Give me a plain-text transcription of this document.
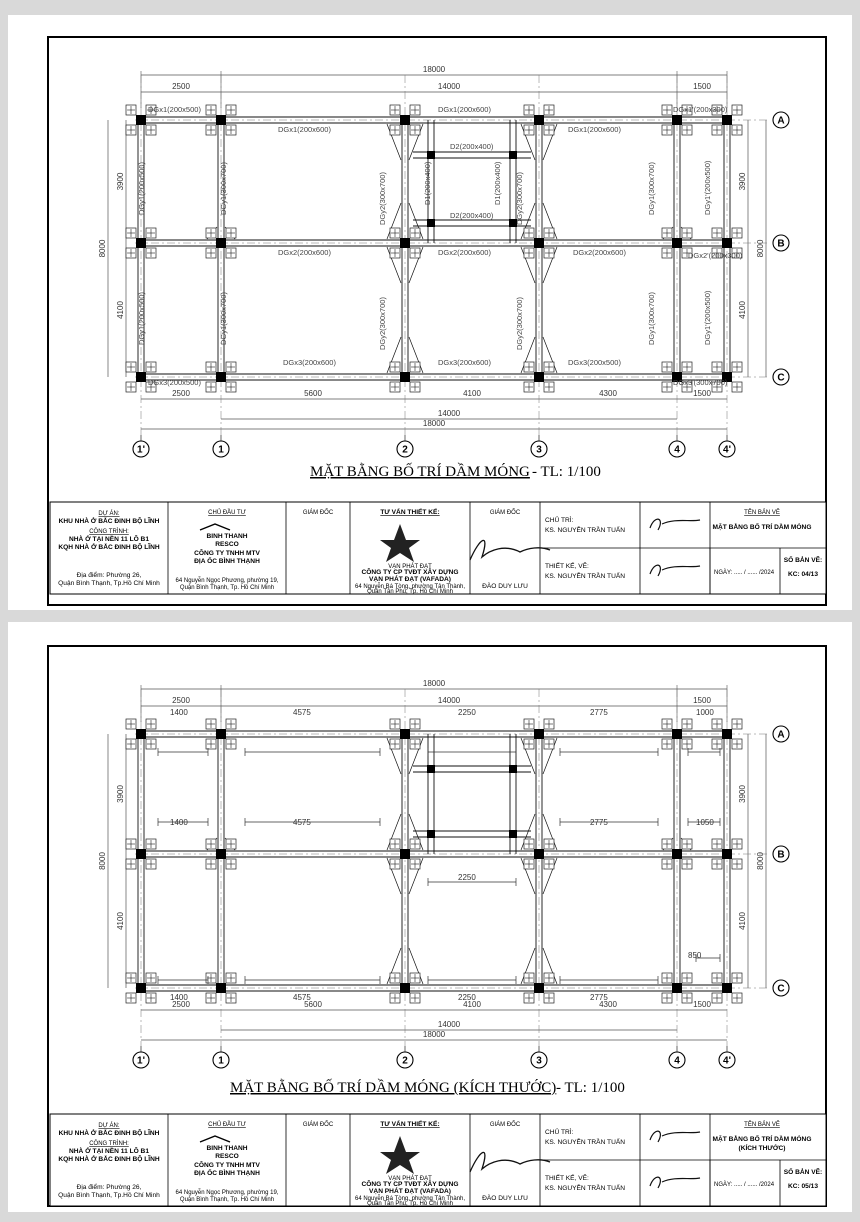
18000
14000
2500	1500
2500	5600	4100	4300	1500
14000
18000
3900
4100
8000
3900
4100
8000
A
B
C
1'	1	2	3	4	4'
DGx1(200x500)
DGx1(200x600)
DGx1(200x600)
DGx1(200x600)
DGx1'(200x300)
DGx2(200x600)	DGx2(200x600)	DGx2(200x600)	DGx2'(200x300)
DGx3(200x600)	DGx3(200x600)	DGx3(200x500)
DGx3(200x500)	DGx3'(300x700)
D2(200x400)
D2(200x400)
D1(200x400)	D1(200x400)
DGy1(200x500)	DGy1(300x700)	DGy2(300x700)	DGy2(300x700)	DGy1(300x700)	DGy1'(200x500)
DGy1(200x500)	DGy1(300x700)	DGy2(300x700)	DGy2(300x700)	DGy1(300x700)	DGy1'(200x500)
MẶT BẰNG BỐ TRÍ DẦM MÓNG - TL: 1/100
DỰ ÁN:
KHU NHÀ Ở BẮC ĐINH BỘ LĨNH
CÔNG TRÌNH:
NHÀ Ở TẠI NỀN 11 LÔ B1
KQH NHÀ Ở BẮC ĐINH BỘ LĨNH
Địa điểm: Phường 26,
Quận Bình Thạnh, Tp.Hồ Chí Minh
CHỦ ĐẦU TƯ
BINH THANH
RESCO
CÔNG TY TNHH MTV
ĐỊA ỐC BÌNH THẠNH
64 Nguyễn Ngọc Phương, phường 19,
Quận Bình Thạnh, Tp. Hồ Chí Minh
GIÁM ĐỐC	TƯ VẤN THIẾT KẾ:
VẠN PHÁT ĐẠT
CÔNG TY CP TVĐT XÂY DỰNG
VẠN PHÁT ĐẠT (VAFADA)
64 Nguyễn Bá Tòng, phường Tân Thành,
Quận Tân Phú, Tp. Hồ Chí Minh
GIÁM ĐỐC
ĐÀO DUY LƯU
CHỦ TRÌ:
KS. NGUYỄN TRẦN TUẤN
THIẾT KẾ, VẼ:
KS. NGUYỄN TRẦN TUẤN
TÊN BẢN VẼ
MẶT BẰNG BỐ TRÍ DẦM MÓNG
NGÀY: ..... / ...... /2024
SỐ BẢN VẼ:
KC: 04/13
18000
14000
2500	1500
2500	5600	4100	4300	1500
14000
18000
3900
4100
8000
3900
4100
8000
A
B
C
1'	1	2	3	4	4'
1400	4575	2250	2775	1000
1400	4575	2775	1050
2250
1400	4575	2250	2775
850
MẶT BẰNG BỐ TRÍ DẦM MÓNG (KÍCH THƯỚC) - TL: 1/100
DỰ ÁN:
KHU NHÀ Ở BẮC ĐINH BỘ LĨNH
CÔNG TRÌNH:
NHÀ Ở TẠI NỀN 11 LÔ B1
KQH NHÀ Ở BẮC ĐINH BỘ LĨNH
Địa điểm: Phường 26,
Quận Bình Thạnh, Tp.Hồ Chí Minh
CHỦ ĐẦU TƯ
BINH THANH
RESCO
CÔNG TY TNHH MTV
ĐỊA ỐC BÌNH THẠNH
64 Nguyễn Ngọc Phương, phường 19,
Quận Bình Thạnh, Tp. Hồ Chí Minh
GIÁM ĐỐC	TƯ VẤN THIẾT KẾ:
VẠN PHÁT ĐẠT
CÔNG TY CP TVĐT XÂY DỰNG
VẠN PHÁT ĐẠT (VAFADA)
64 Nguyễn Bá Tòng, phường Tân Thành,
Quận Tân Phú, Tp. Hồ Chí Minh
GIÁM ĐỐC
ĐÀO DUY LƯU
CHỦ TRÌ:
KS. NGUYỄN TRẦN TUẤN
THIẾT KẾ, VẼ:
KS. NGUYỄN TRẦN TUẤN
TÊN BẢN VẼ
MẶT BẰNG BỐ TRÍ DẦM MÓNG
(KÍCH THƯỚC)
NGÀY: ..... / ...... /2024
SỐ BẢN VẼ:
KC: 05/13
